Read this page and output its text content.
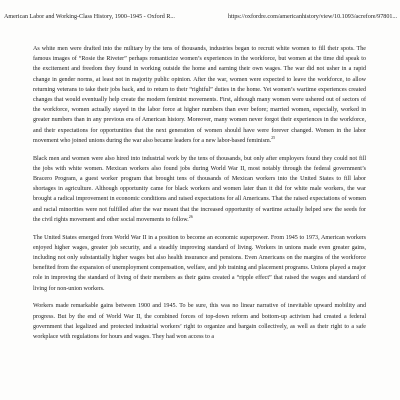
American Labor and Working-Class History, 1900–1945 - Oxford R...	https://oxfordre.com/americanhistory/view/10.1093/acrefore/97801...

As white men were drafted into the military by the tens of thousands, industries began to recruit white women to fill their spots. The famous images of “Rosie the Riveter” perhaps romanticize women’s experiences in the workforce, but women at the time did speak to the excitement and freedom they found in working outside the home and earning their own wages. The war did not usher in a rapid change in gender norms, at least not in majority public opinion. After the war, women were expected to leave the workforce, to allow returning veterans to take their jobs back, and to return to their “rightful” duties in the home. Yet women’s wartime experiences created changes that would eventually help create the modern feminist movements. First, although many women were ushered out of sectors of the workforce, women actually stayed in the labor force at higher numbers than ever before; married women, especially, worked in greater numbers than in any previous era of American history. Moreover, many women never forgot their experiences in the workforce, and their expectations for opportunities that the next generation of women should have were forever changed. Women in the labor movement who joined unions during the war also became leaders for a new labor-based feminism.$^{25}$

Black men and women were also hired into industrial work by the tens of thousands, but only after employers found they could not fill the jobs with white women. Mexican workers also found jobs during World War II, most notably through the federal government’s Bracero Program, a guest worker program that brought tens of thousands of Mexican workers into the United States to fill labor shortages in agriculture. Although opportunity came for black workers and women later than it did for white male workers, the war brought a radical improvement in economic conditions and raised expectations for all Americans. That the raised expectations of women and racial minorities were not fulfilled after the war meant that the increased opportunity of wartime actually helped sew the seeds for the civil rights movement and other social movements to follow.$^{26}$

The United States emerged from World War II in a position to become an economic superpower. From 1945 to 1973, American workers enjoyed higher wages, greater job security, and a steadily improving standard of living. Workers in unions made even greater gains, including not only substantially higher wages but also health insurance and pensions. Even Americans on the margins of the workforce benefited from the expansion of unemployment compensation, welfare, and job training and placement programs. Unions played a major role in improving the standard of living of their members as their gains created a “ripple effect” that raised the wages and standard of living for non-union workers.

Workers made remarkable gains between 1900 and 1945. To be sure, this was no linear narrative of inevitable upward mobility and progress. But by the end of World War II, the combined forces of top-down reform and bottom-up activism had created a federal government that legalized and protected industrial workers’ right to organize and bargain collectively, as well as their right to a safe workplace with regulations for hours and wages. They had won access to a
